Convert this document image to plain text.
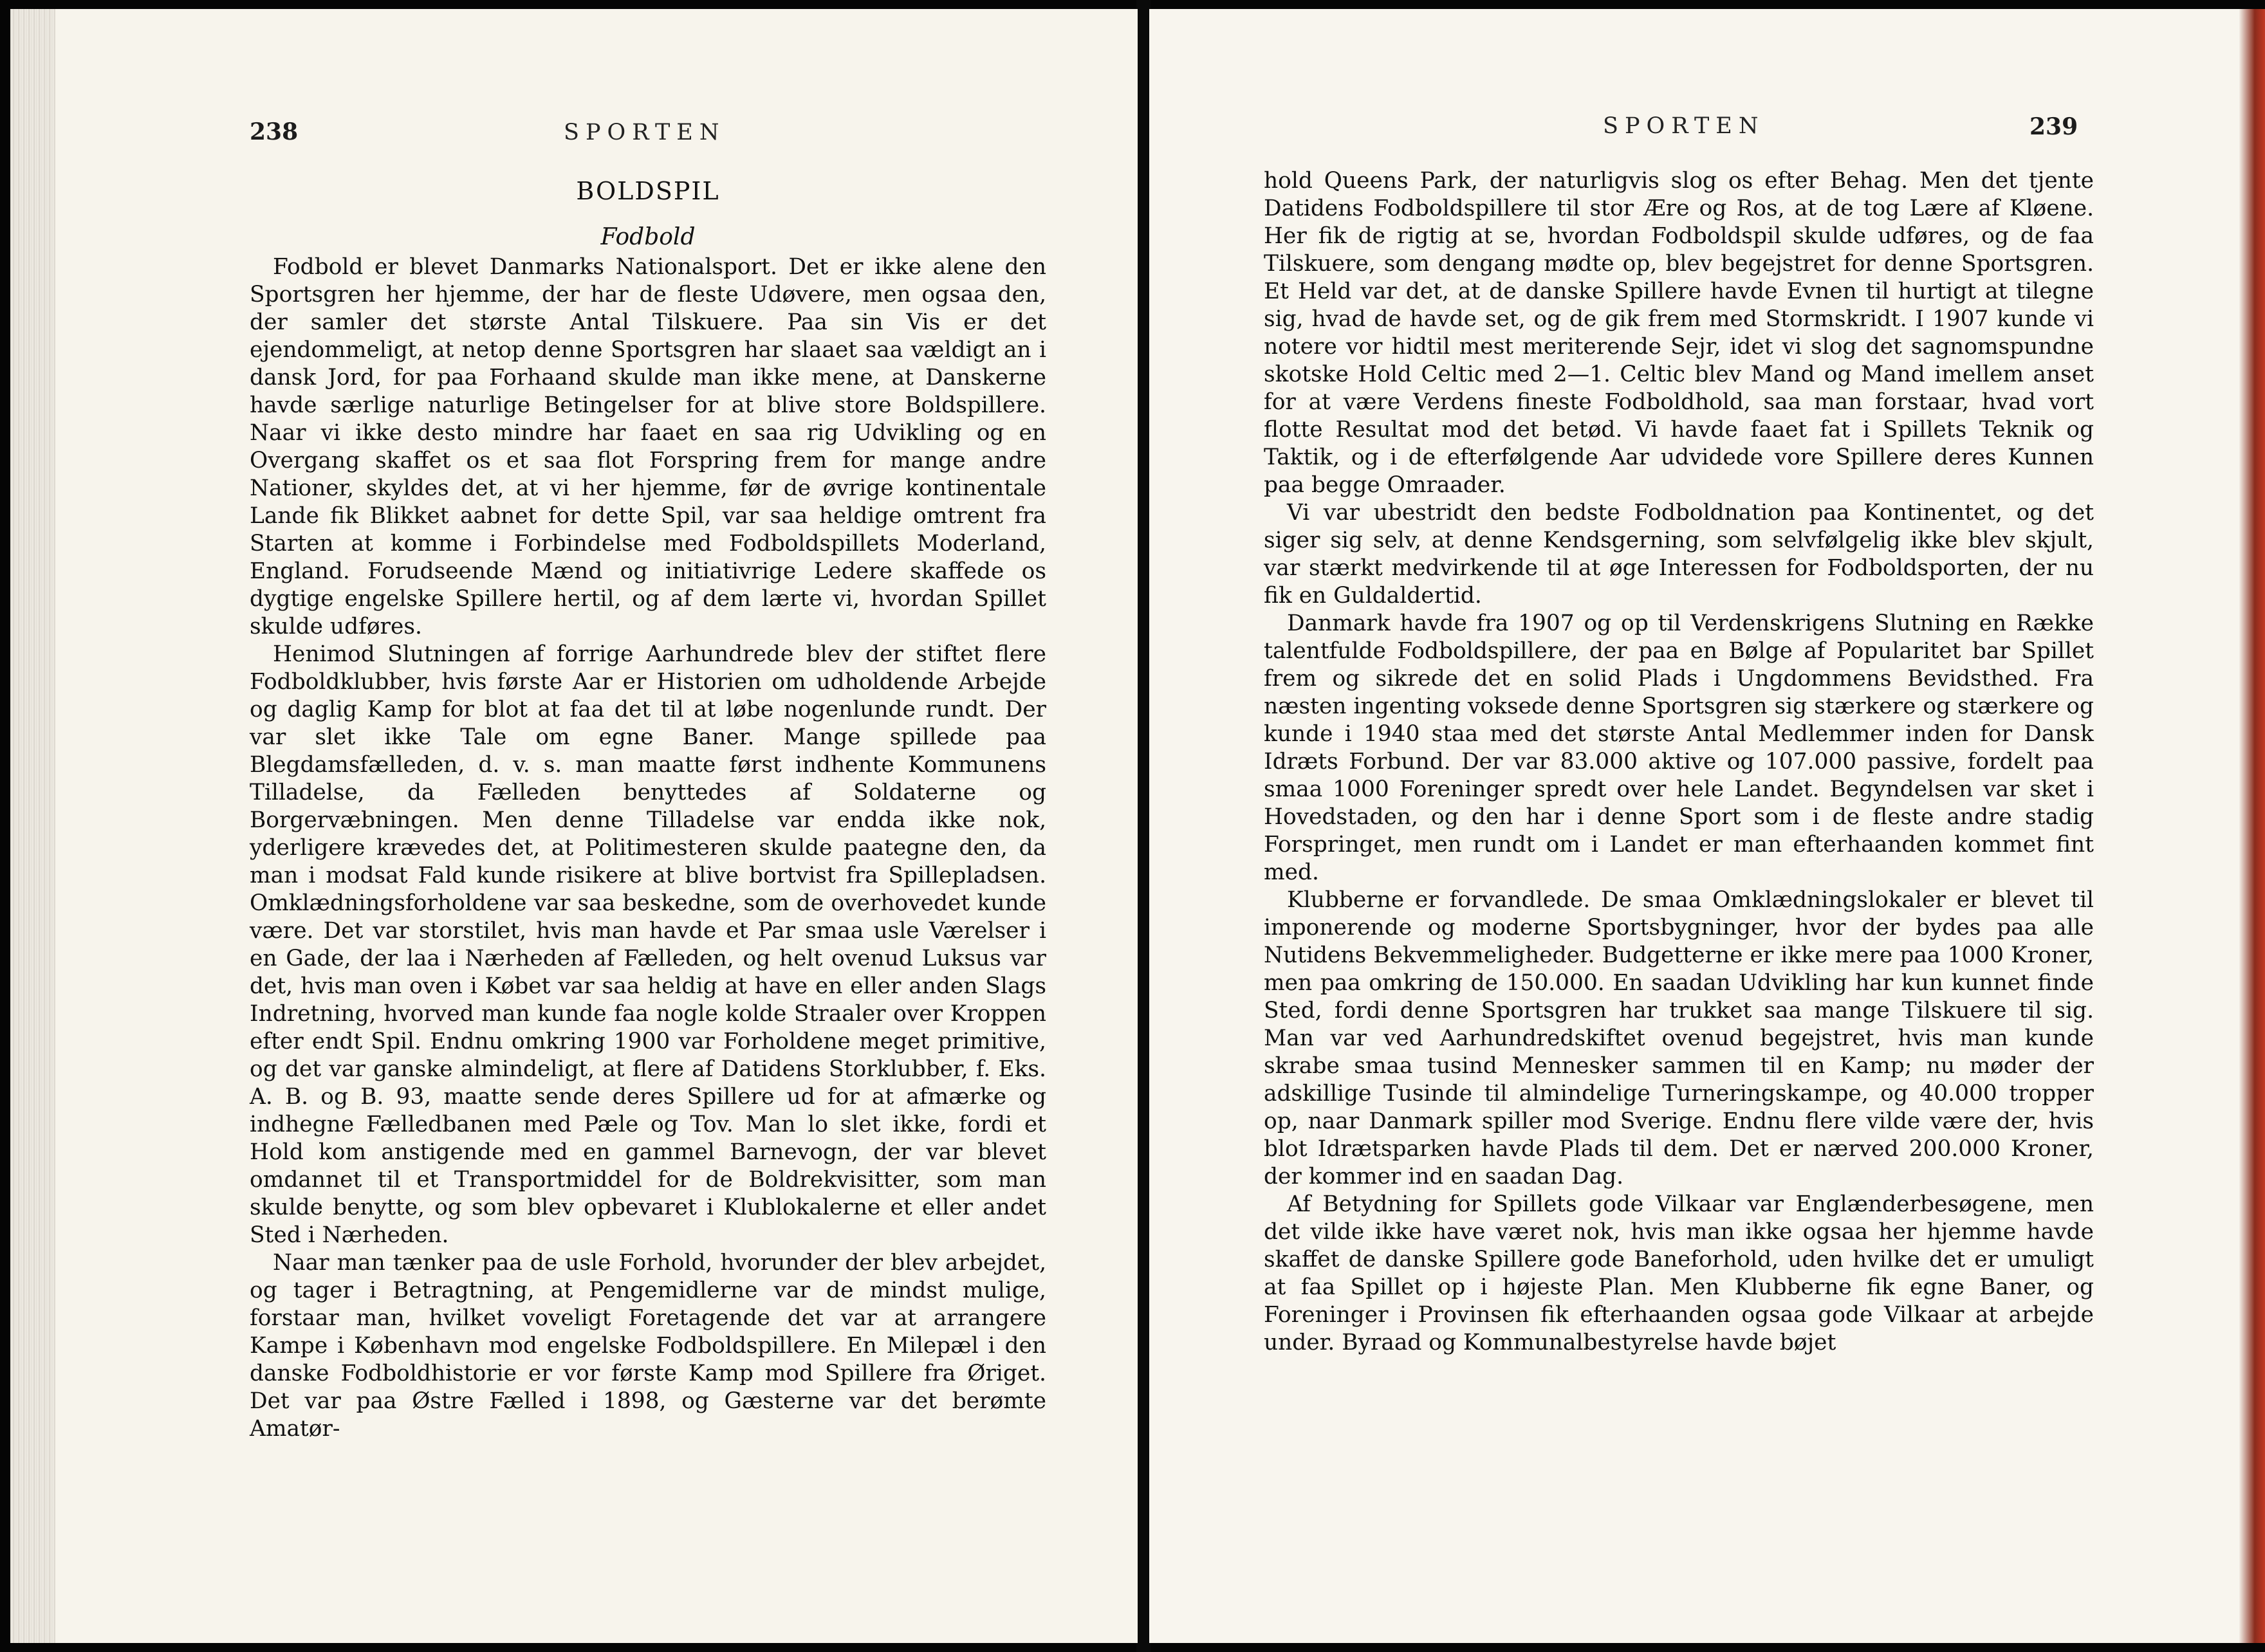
238	SPORTEN
BOLDSPIL
Fodbold

Fodbold er blevet Danmarks Nationalsport. Det er ikke alene den Sportsgren her hjemme, der har de fleste Udøvere, men ogsaa den, der samler det største Antal Tilskuere. Paa sin Vis er det ejendommeligt, at netop denne Sportsgren har slaaet saa vældigt an i dansk Jord, for paa Forhaand skulde man ikke mene, at Danskerne havde særlige naturlige Betingelser for at blive store Boldspillere. Naar vi ikke desto mindre har faaet en saa rig Udvikling og en Overgang skaffet os et saa flot Forspring frem for mange andre Nationer, skyldes det, at vi her hjemme, før de øvrige kontinentale Lande fik Blikket aabnet for dette Spil, var saa heldige omtrent fra Starten at komme i Forbindelse med Fodboldspillets Moderland, England. Forudseende Mænd og initiativrige Ledere skaffede os dygtige engelske Spillere hertil, og af dem lærte vi, hvordan Spillet skulde udføres.

Henimod Slutningen af forrige Aarhundrede blev der stiftet flere Fodboldklubber, hvis første Aar er Historien om udholdende Arbejde og daglig Kamp for blot at faa det til at løbe nogenlunde rundt. Der var slet ikke Tale om egne Baner. Mange spillede paa Blegdamsfælleden, d. v. s. man maatte først indhente Kommunens Tilladelse, da Fælleden benyttedes af Soldaterne og Borgervæbningen. Men denne Tilladelse var endda ikke nok, yderligere krævedes det, at Politimesteren skulde paategne den, da man i modsat Fald kunde risikere at blive bortvist fra Spillepladsen. Omklædningsforholdene var saa beskedne, som de overhovedet kunde være. Det var storstilet, hvis man havde et Par smaa usle Værelser i en Gade, der laa i Nærheden af Fælleden, og helt ovenud Luksus var det, hvis man oven i Købet var saa heldig at have en eller anden Slags Indretning, hvorved man kunde faa nogle kolde Straaler over Kroppen efter endt Spil. Endnu omkring 1900 var Forholdene meget primitive, og det var ganske almindeligt, at flere af Datidens Storklubber, f. Eks. A. B. og B. 93, maatte sende deres Spillere ud for at afmærke og indhegne Fælledbanen med Pæle og Tov. Man lo slet ikke, fordi et Hold kom anstigende med en gammel Barnevogn, der var blevet omdannet til et Transportmiddel for de Boldrekvisitter, som man skulde benytte, og som blev opbevaret i Klublokalerne et eller andet Sted i Nærheden.

Naar man tænker paa de usle Forhold, hvorunder der blev arbejdet, og tager i Betragtning, at Pengemidlerne var de mindst mulige, forstaar man, hvilket voveligt Foretagende det var at arrangere Kampe i København mod engelske Fodboldspillere. En Milepæl i den danske Fodboldhistorie er vor første Kamp mod Spillere fra Øriget. Det var paa Østre Fælled i 1898, og Gæsterne var det berømte Amatør-

SPORTEN	239

hold Queens Park, der naturligvis slog os efter Behag. Men det tjente Datidens Fodboldspillere til stor Ære og Ros, at de tog Lære af Kløene. Her fik de rigtig at se, hvordan Fodboldspil skulde udføres, og de faa Tilskuere, som dengang mødte op, blev begejstret for denne Sportsgren. Et Held var det, at de danske Spillere havde Evnen til hurtigt at tilegne sig, hvad de havde set, og de gik frem med Stormskridt. I 1907 kunde vi notere vor hidtil mest meriterende Sejr, idet vi slog det sagnomspundne skotske Hold Celtic med 2—1. Celtic blev Mand og Mand imellem anset for at være Verdens fineste Fodboldhold, saa man forstaar, hvad vort flotte Resultat mod det betød. Vi havde faaet fat i Spillets Teknik og Taktik, og i de efterfølgende Aar udvidede vore Spillere deres Kunnen paa begge Omraader.

Vi var ubestridt den bedste Fodboldnation paa Kontinentet, og det siger sig selv, at denne Kendsgerning, som selvfølgelig ikke blev skjult, var stærkt medvirkende til at øge Interessen for Fodboldsporten, der nu fik en Guldaldertid.

Danmark havde fra 1907 og op til Verdenskrigens Slutning en Række talentfulde Fodboldspillere, der paa en Bølge af Popularitet bar Spillet frem og sikrede det en solid Plads i Ungdommens Bevidsthed. Fra næsten ingenting voksede denne Sportsgren sig stærkere og stærkere og kunde i 1940 staa med det største Antal Medlemmer inden for Dansk Idræts Forbund. Der var 83.000 aktive og 107.000 passive, fordelt paa smaa 1000 Foreninger spredt over hele Landet. Begyndelsen var sket i Hovedstaden, og den har i denne Sport som i de fleste andre stadig Forspringet, men rundt om i Landet er man efterhaanden kommet fint med.

Klubberne er forvandlede. De smaa Omklædningslokaler er blevet til imponerende og moderne Sportsbygninger, hvor der bydes paa alle Nutidens Bekvemmeligheder. Budgetterne er ikke mere paa 1000 Kroner, men paa omkring de 150.000. En saadan Udvikling har kun kunnet finde Sted, fordi denne Sportsgren har trukket saa mange Tilskuere til sig. Man var ved Aarhundredskiftet ovenud begejstret, hvis man kunde skrabe smaa tusind Mennesker sammen til en Kamp; nu møder der adskillige Tusinde til almindelige Turneringskampe, og 40.000 tropper op, naar Danmark spiller mod Sverige. Endnu flere vilde være der, hvis blot Idrætsparken havde Plads til dem. Det er nærved 200.000 Kroner, der kommer ind en saadan Dag.

Af Betydning for Spillets gode Vilkaar var Englænderbesøgene, men det vilde ikke have været nok, hvis man ikke ogsaa her hjemme havde skaffet de danske Spillere gode Baneforhold, uden hvilke det er umuligt at faa Spillet op i højeste Plan. Men Klubberne fik egne Baner, og Foreninger i Provinsen fik efterhaanden ogsaa gode Vilkaar at arbejde under. Byraad og Kommunalbestyrelse havde bøjet
